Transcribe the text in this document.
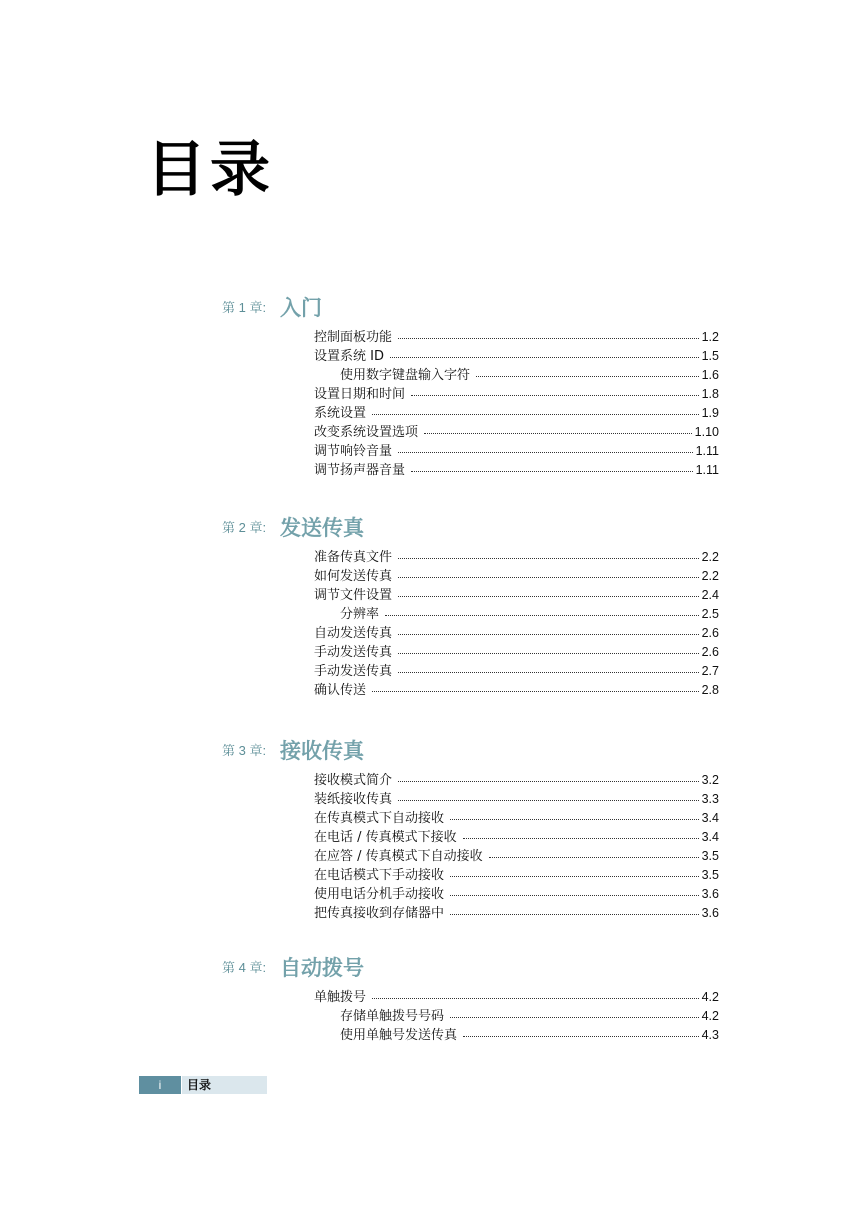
目录
第 1 章: 入门
控制面板功能	1.2
设置系统 ID	1.5
使用数字键盘输入字符	1.6
设置日期和时间	1.8
系统设置	1.9
改变系统设置选项	1.10
调节响铃音量	1.11
调节扬声器音量	1.11
第 2 章: 发送传真
准备传真文件	2.2
如何发送传真	2.2
调节文件设置	2.4
分辨率	2.5
自动发送传真	2.6
手动发送传真	2.6
手动发送传真	2.7
确认传送	2.8
第 3 章: 接收传真
接收模式简介	3.2
装纸接收传真	3.3
在传真模式下自动接收	3.4
在电话 / 传真模式下接收	3.4
在应答 / 传真模式下自动接收	3.5
在电话模式下手动接收	3.5
使用电话分机手动接收	3.6
把传真接收到存储器中	3.6
第 4 章: 自动拨号
单触拨号	4.2
存储单触拨号号码	4.2
使用单触号发送传真	4.3
i	目录
